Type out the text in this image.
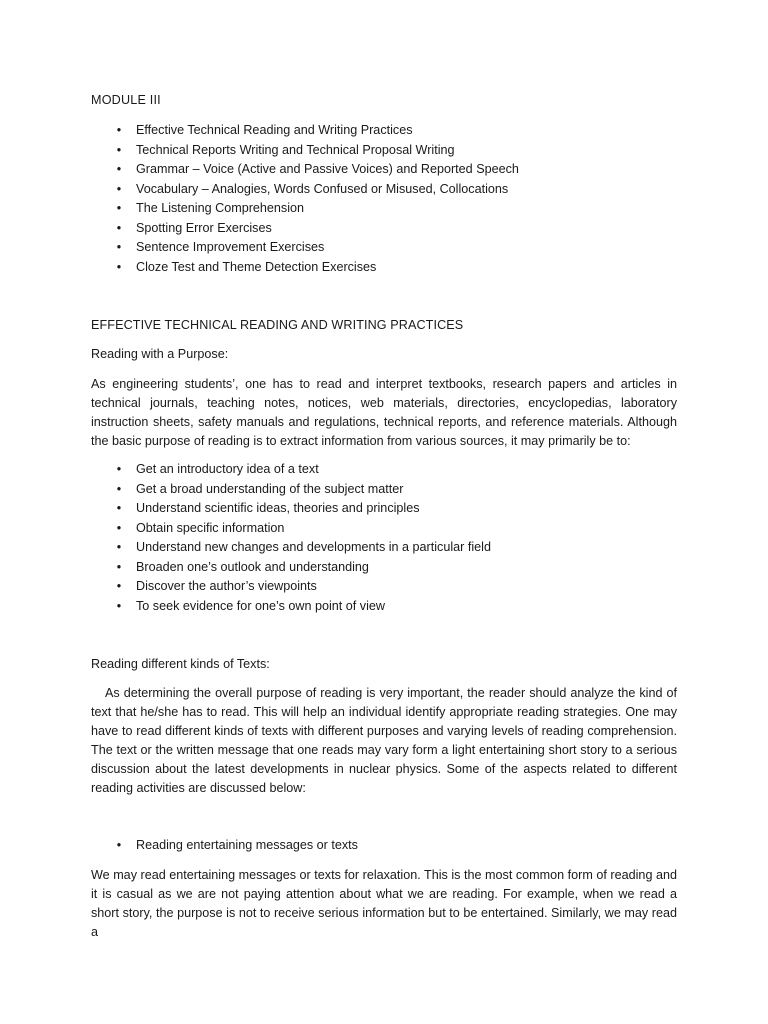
MODULE III
• Effective Technical Reading and Writing Practices
• Technical Reports Writing and Technical Proposal Writing
• Grammar – Voice (Active and Passive Voices) and Reported Speech
• Vocabulary – Analogies, Words Confused or Misused, Collocations
• The Listening Comprehension
• Spotting Error Exercises
• Sentence Improvement Exercises
• Cloze Test and Theme Detection Exercises
EFFECTIVE TECHNICAL READING AND WRITING PRACTICES
Reading with a Purpose:

As engineering students’, one has to read and interpret textbooks, research papers and articles in technical journals, teaching notes, notices, web materials, directories, encyclopedias, laboratory instruction sheets, safety manuals and regulations, technical reports, and reference materials. Although the basic purpose of reading is to extract information from various sources, it may primarily be to:

• Get an introductory idea of a text
• Get a broad understanding of the subject matter
• Understand scientific ideas, theories and principles
• Obtain specific information
• Understand new changes and developments in a particular field
• Broaden one’s outlook and understanding
• Discover the author’s viewpoints
• To seek evidence for one’s own point of view
Reading different kinds of Texts:

As determining the overall purpose of reading is very important, the reader should analyze the kind of text that he/she has to read. This will help an individual identify appropriate reading strategies. One may have to read different kinds of texts with different purposes and varying levels of reading comprehension. The text or the written message that one reads may vary form a light entertaining short story to a serious discussion about the latest developments in nuclear physics. Some of the aspects related to different reading activities are discussed below:

• Reading entertaining messages or texts

We may read entertaining messages or texts for relaxation. This is the most common form of reading and it is casual as we are not paying attention about what we are reading. For example, when we read a short story, the purpose is not to receive serious information but to be entertained. Similarly, we may read a
